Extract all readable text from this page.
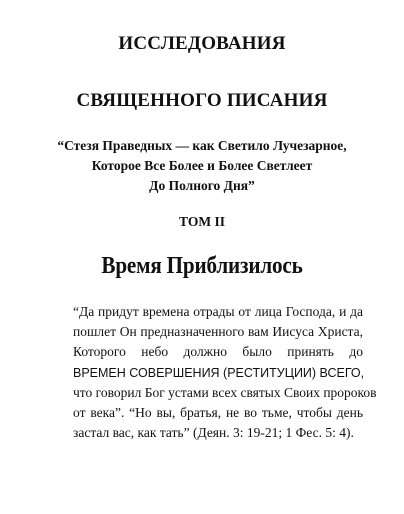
ИССЛЕДОВАНИЯ
СВЯЩЕННОГО ПИСАНИЯ
“Стезя Праведных — как Светило Лучезарное,
Которое Все Более и Более Светлеет
До Полного Дня”
ТОМ II
Время Приблизилось
“Да придут времена отрады от лица Господа, и да
пошлет Он предназначенного вам Иисуса Христа,
Которого небо должно было принять до
ВРЕМЕН СОВЕРШЕНИЯ (РЕСТИТУЦИИ) ВСЕГО,
что говорил Бог устами всех святых Своих пророков
от века”. “Но вы, братья, не во тьме, чтобы день
застал вас, как тать” (Деян. 3: 19-21; 1 Фес. 5: 4).
